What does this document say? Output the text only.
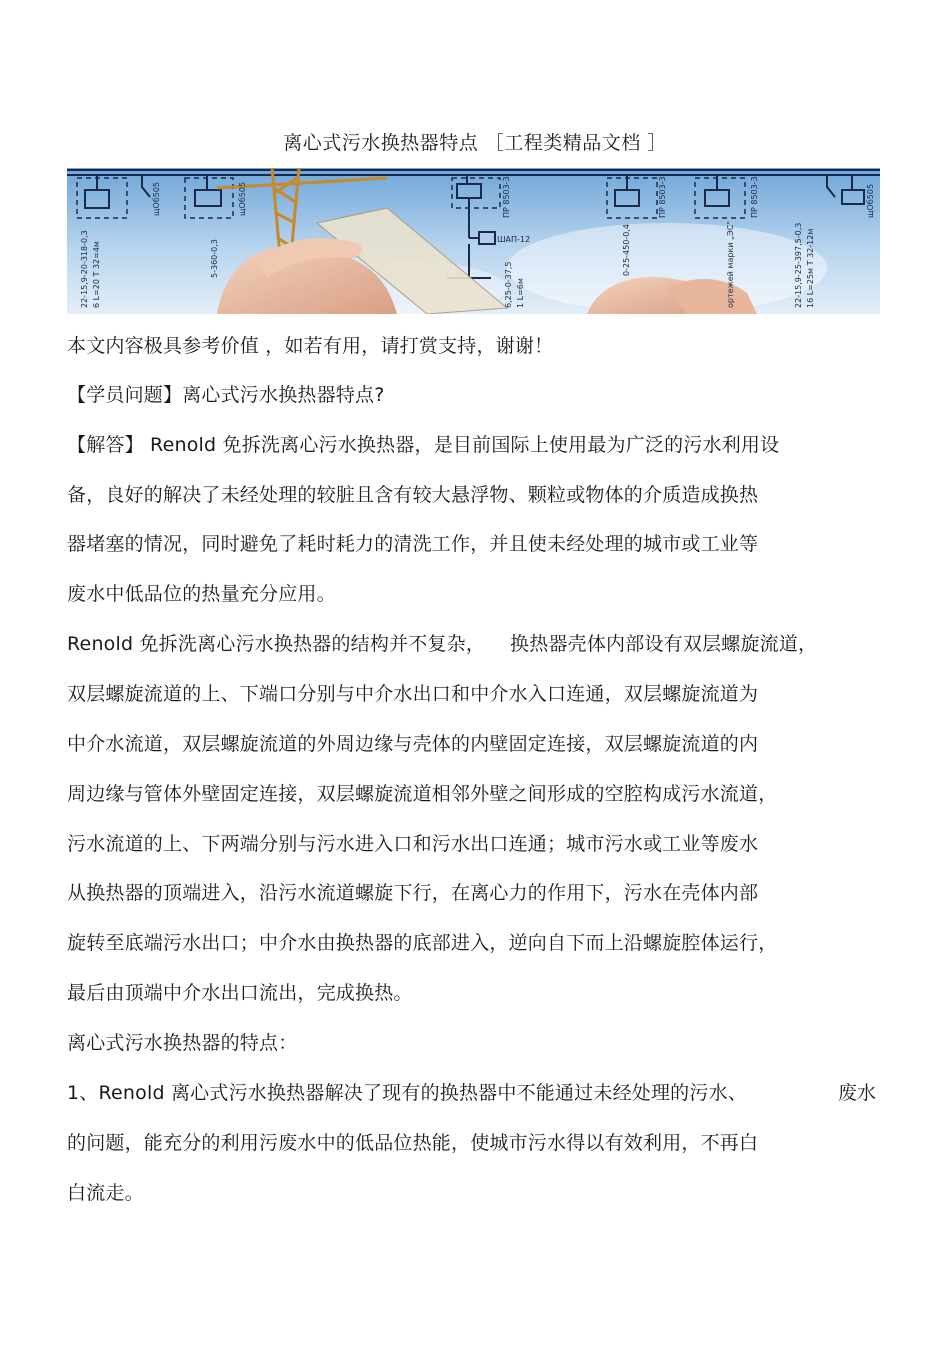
离心式污水换热器特点 ［工程类精品文档 ］
22-15,9-20-318-0,3 6 L=20 T 32=4м
щОб505
5-360-0,3
щОб505	ПР 8503-3
ШАП-12
6,25-0-37,5 1 L=6м
0-25-450-0,4
ПР 8503-3
ортежей марки „ЭС"
ПР 8503-3
22-15,9-25-397,5-0,3 16 L=25м T 32-12м
щОб505
本文内容极具参考价值 ，如若有用，请打赏支持，谢谢！
【学员问题】离心式污水换热器特点?
【解答】 Renold 免拆洗离心污水换热器，是目前国际上使用最为广泛的污水利用设
备，良好的解决了未经处理的较脏且含有较大悬浮物、颗粒或物体的介质造成换热
器堵塞的情况，同时避免了耗时耗力的清洗工作，并且使未经处理的城市或工业等
废水中低品位的热量充分应用。
Renold 免拆洗离心污水换热器的结构并不复杂，    换热器壳体内部设有双层螺旋流道，
双层螺旋流道的上、下端口分别与中介水出口和中介水入口连通，双层螺旋流道为
中介水流道，双层螺旋流道的外周边缘与壳体的内壁固定连接，双层螺旋流道的内
周边缘与管体外壁固定连接，双层螺旋流道相邻外壁之间形成的空腔构成污水流道，
污水流道的上、下两端分别与污水进入口和污水出口连通；城市污水或工业等废水
从换热器的顶端进入，沿污水流道螺旋下行，在离心力的作用下，污水在壳体内部
旋转至底端污水出口；中介水由换热器的底部进入，逆向自下而上沿螺旋腔体运行，
最后由顶端中介水出口流出，完成换热。
离心式污水换热器的特点：
1、Renold 离心式污水换热器解决了现有的换热器中不能通过未经处理的污水、	废水
的问题，能充分的利用污废水中的低品位热能，使城市污水得以有效利用，不再白
白流走。
